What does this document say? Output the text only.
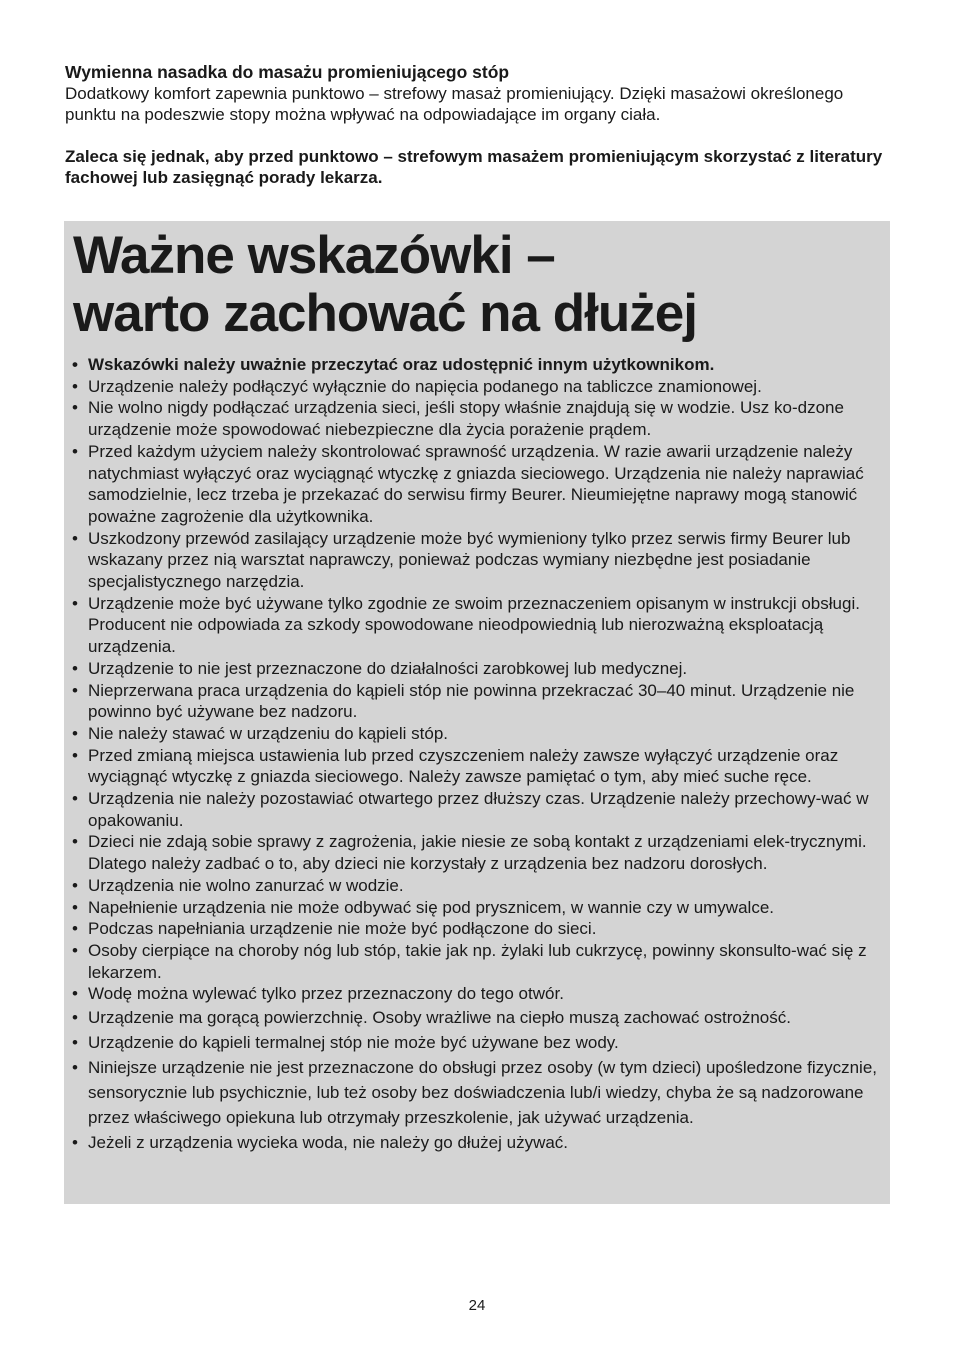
Wymienna nasadka do masażu promieniującego stóp

Dodatkowy komfort zapewnia punktowo – strefowy masaż promieniujący. Dzięki masażowi określonego punktu na podeszwie stopy można wpływać na odpowiadające im organy ciała.

Zaleca się jednak, aby przed punktowo – strefowym masażem promieniującym skorzystać z literatury fachowej lub zasięgnąć porady lekarza.

Ważne wskazówki –
warto zachować na dłużej
• Wskazówki należy uważnie przeczytać oraz udostępnić innym użytkownikom.
• Urządzenie należy podłączyć wyłącznie do napięcia podanego na tabliczce znamionowej.
• Nie wolno nigdy podłączać urządzenia sieci, jeśli stopy właśnie znajdują się w wodzie. Usz ko-dzone urządzenie może spowodować niebezpieczne dla życia porażenie prądem.
• Przed każdym użyciem należy skontrolować sprawność urządzenia. W razie awarii urządzenie należy natychmiast wyłączyć oraz wyciągnąć wtyczkę z gniazda sieciowego. Urządzenia nie należy naprawiać samodzielnie, lecz trzeba je przekazać do serwisu firmy Beurer. Nieumiejętne naprawy mogą stanowić poważne zagrożenie dla użytkownika.
• Uszkodzony przewód zasilający urządzenie może być wymieniony tylko przez serwis firmy Beurer lub wskazany przez nią warsztat naprawczy, ponieważ podczas wymiany niezbędne jest posiadanie specjalistycznego narzędzia.
• Urządzenie może być używane tylko zgodnie ze swoim przeznaczeniem opisanym w instrukcji obsługi. Producent nie odpowiada za szkody spowodowane nieodpowiednią lub nierozważną eksploatacją urządzenia.
• Urządzenie to nie jest przeznaczone do działalności zarobkowej lub medycznej.
• Nieprzerwana praca urządzenia do kąpieli stóp nie powinna przekraczać 30–40 minut. Urządzenie nie powinno być używane bez nadzoru.
• Nie należy stawać w urządzeniu do kąpieli stóp.
• Przed zmianą miejsca ustawienia lub przed czyszczeniem należy zawsze wyłączyć urządzenie oraz wyciągnąć wtyczkę z gniazda sieciowego. Należy zawsze pamiętać o tym, aby mieć suche ręce.
• Urządzenia nie należy pozostawiać otwartego przez dłuższy czas. Urządzenie należy przechowy-wać w opakowaniu.
• Dzieci nie zdają sobie sprawy z zagrożenia, jakie niesie ze sobą kontakt z urządzeniami elek-trycznymi. Dlatego należy zadbać o to, aby dzieci nie korzystały z urządzenia bez nadzoru dorosłych.
• Urządzenia nie wolno zanurzać w wodzie.
• Napełnienie urządzenia nie może odbywać się pod prysznicem, w wannie czy w umywalce.
• Podczas napełniania urządzenie nie może być podłączone do sieci.
• Osoby cierpiące na choroby nóg lub stóp, takie jak np. żylaki lub cukrzycę, powinny skonsulto-wać się z lekarzem.
• Wodę można wylewać tylko przez przeznaczony do tego otwór.
• Urządzenie ma gorącą powierzchnię. Osoby wrażliwe na ciepło muszą zachować ostrożność.
• Urządzenie do kąpieli termalnej stóp nie może być używane bez wody.
• Niniejsze urządzenie nie jest przeznaczone do obsługi przez osoby (w tym dzieci) upośledzone fizycznie, sensorycznie lub psychicznie, lub też osoby bez doświadczenia lub/i wiedzy, chyba że są nadzorowane przez właściwego opiekuna lub otrzymały przeszkolenie, jak używać urządzenia.
• Jeżeli z urządzenia wycieka woda, nie należy go dłużej używać.
24
